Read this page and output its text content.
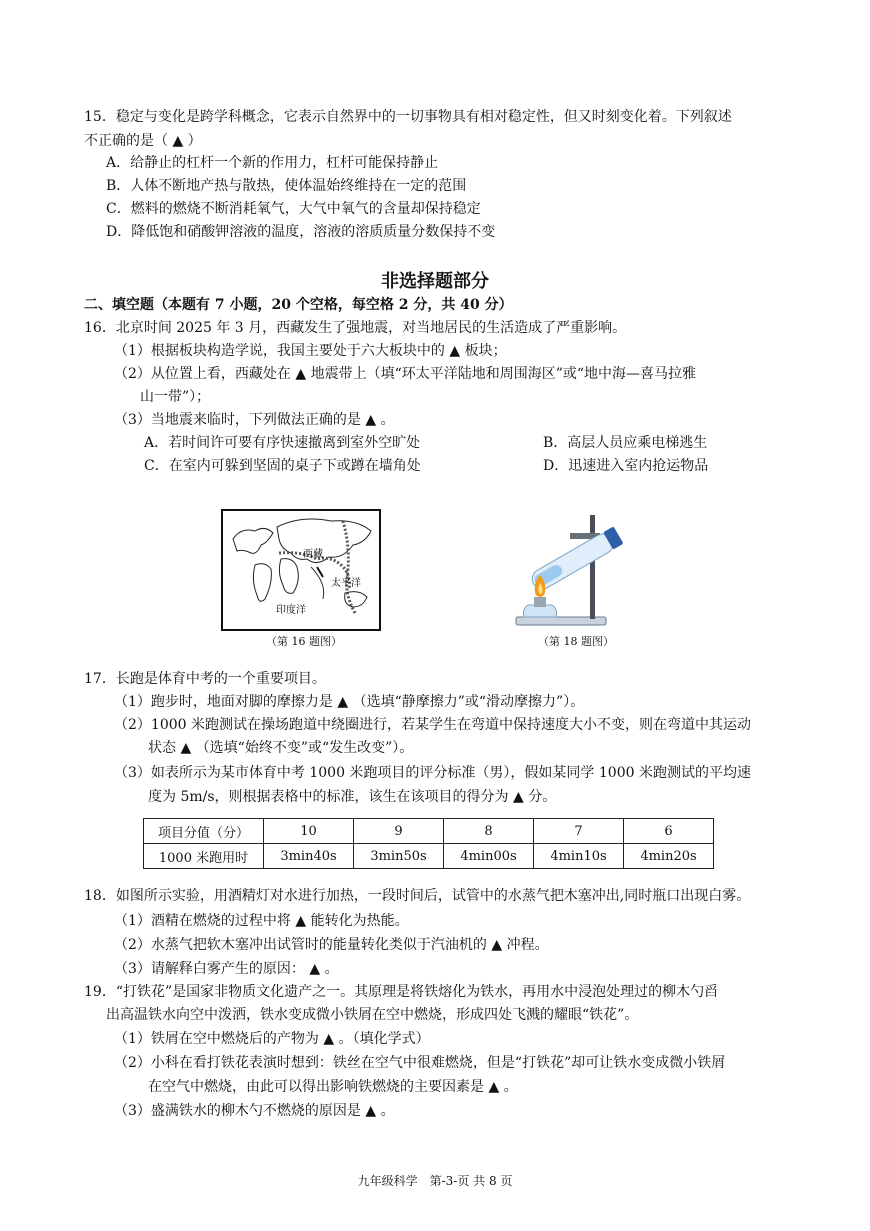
15．稳定与变化是跨学科概念，它表示自然界中的一切事物具有相对稳定性，但又时刻变化着。下列叙述
不正确的是（ ▲ ）
A．给静止的杠杆一个新的作用力，杠杆可能保持静止
B．人体不断地产热与散热，使体温始终维持在一定的范围
C．燃料的燃烧不断消耗氧气，大气中氧气的含量却保持稳定
D．降低饱和硝酸钾溶液的温度，溶液的溶质质量分数保持不变
非选择题部分
二、填空题（本题有 7 小题，20 个空格，每空格 2 分，共 40 分）
16．北京时间 2025 年 3 月，西藏发生了强地震，对当地居民的生活造成了严重影响。
（1）根据板块构造学说，我国主要处于六大板块中的 ▲ 板块；
（2）从位置上看，西藏处在 ▲ 地震带上（填“环太平洋陆地和周围海区”或“地中海—喜马拉雅
山一带”）；
（3）当地震来临时，下列做法正确的是 ▲ 。
A．若时间许可要有序快速撤离到室外空旷处	B．高层人员应乘电梯逃生
C．在室内可躲到坚固的桌子下或蹲在墙角处	D．迅速进入室内抢运物品
西藏
太平洋
印度洋
（第 16 题图）	（第 18 题图）
17．长跑是体育中考的一个重要项目。
（1）跑步时，地面对脚的摩擦力是 ▲ （选填“静摩擦力”或“滑动摩擦力”）。
（2）1000 米跑测试在操场跑道中绕圈进行，若某学生在弯道中保持速度大小不变，则在弯道中其运动
状态 ▲ （选填“始终不变”或“发生改变”）。
（3）如表所示为某市体育中考 1000 米跑项目的评分标准（男），假如某同学 1000 米跑测试的平均速
度为 5m/s，则根据表格中的标准，该生在该项目的得分为 ▲ 分。
项目分值（分）	10	9	8	7	6
1000 米跑用时	3min40s	3min50s	4min00s	4min10s	4min20s
18．如图所示实验，用酒精灯对水进行加热，一段时间后，试管中的水蒸气把木塞冲出,同时瓶口出现白雾。
（1）酒精在燃烧的过程中将 ▲ 能转化为热能。
（2）水蒸气把软木塞冲出试管时的能量转化类似于汽油机的 ▲ 冲程。
（3）请解释白雾产生的原因： ▲ 。
19．“打铁花”是国家非物质文化遗产之一。其原理是将铁熔化为铁水，再用水中浸泡处理过的柳木勺舀
出高温铁水向空中泼洒，铁水变成微小铁屑在空中燃烧，形成四处飞溅的耀眼“铁花”。
（1）铁屑在空中燃烧后的产物为 ▲ 。（填化学式）
（2）小科在看打铁花表演时想到：铁丝在空气中很难燃烧，但是“打铁花”却可让铁水变成微小铁屑
在空气中燃烧，由此可以得出影响铁燃烧的主要因素是 ▲ 。
（3）盛满铁水的柳木勺不燃烧的原因是 ▲ 。
九年级科学　第-3-页 共 8 页
